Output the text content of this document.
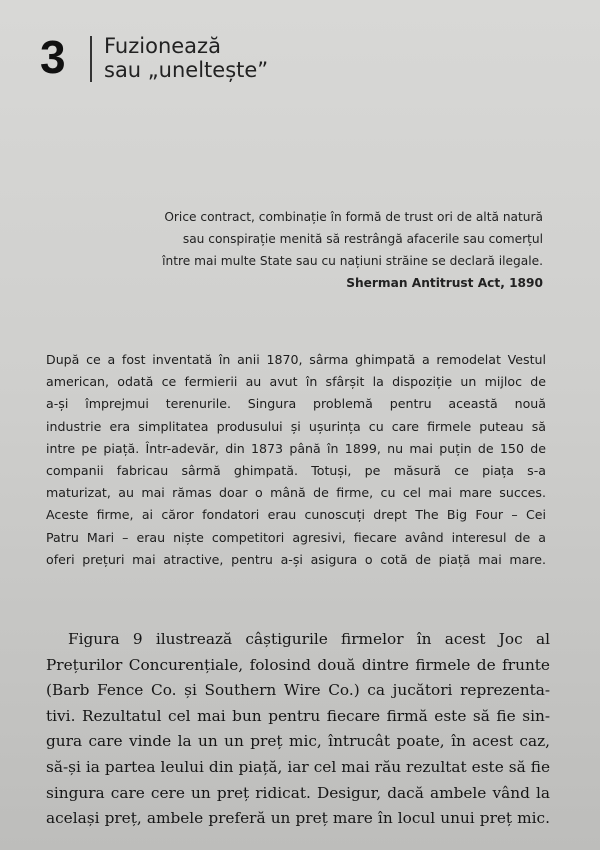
3	Fuzionează
sau „uneltește”
Orice contract, combinație în formă de trust ori de altă natură
sau conspirație menită să restrângă afacerile sau comerțul
între mai multe State sau cu națiuni străine se declară ilegale.
Sherman Antitrust Act, 1890
După ce a fost inventată în anii 1870, sârma ghimpată a remodelat Vestul
american, odată ce fermierii au avut în sfârșit la dispoziție un mijloc de
a-și împrejmui terenurile. Singura problemă pentru această nouă
industrie era simplitatea produsului și ușurința cu care firmele puteau să
intre pe piață. Într-adevăr, din 1873 până în 1899, nu mai puțin de 150 de
companii fabricau sârmă ghimpată. Totuși, pe măsură ce piața s-a
maturizat, au mai rămas doar o mână de firme, cu cel mai mare succes.
Aceste firme, ai căror fondatori erau cunoscuți drept The Big Four – Cei
Patru Mari – erau niște competitori agresivi, fiecare având interesul de a
oferi prețuri mai atractive, pentru a-și asigura o cotă de piață mai mare.
Figura 9 ilustrează câștigurile firmelor în acest Joc al
Prețurilor Concurențiale, folosind două dintre firmele de frunte
(Barb Fence Co. și Southern Wire Co.) ca jucători reprezenta-
tivi. Rezultatul cel mai bun pentru fiecare firmă este să fie sin-
gura care vinde la un un preț mic, întrucât poate, în acest caz,
să-și ia partea leului din piață, iar cel mai rău rezultat este să fie
singura care cere un preț ridicat. Desigur, dacă ambele vând la
același preț, ambele preferă un preț mare în locul unui preț mic.
